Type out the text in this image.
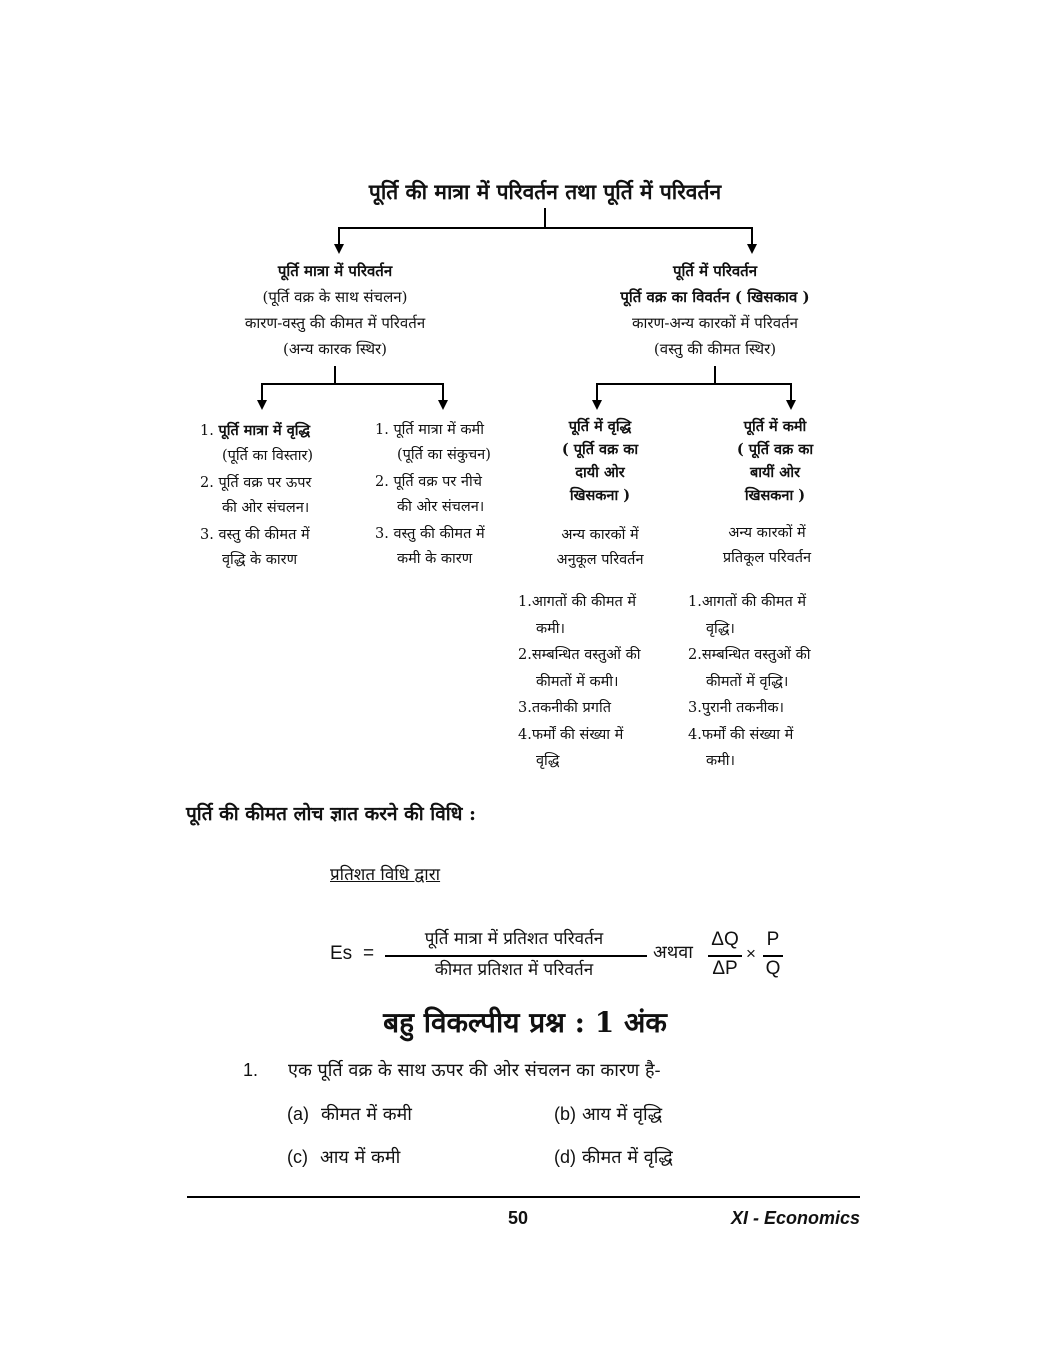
पूर्ति की मात्रा में परिवर्तन तथा पूर्ति में परिवर्तन
पूर्ति मात्रा में परिवर्तन
(पूर्ति वक्र के साथ संचलन)
कारण-वस्तु की कीमत में परिवर्तन
(अन्य कारक स्थिर)
पूर्ति में परिवर्तन
पूर्ति वक्र का विवर्तन ( खिसकाव )
कारण-अन्य कारकों में परिवर्तन
(वस्तु की कीमत स्थिर)
1. पूर्ति मात्रा में वृद्धि
(पूर्ति का विस्तार)
2. पूर्ति वक्र पर ऊपर
की ओर संचलन।
3. वस्तु की कीमत में
वृद्धि के कारण
1. पूर्ति मात्रा में कमी
(पूर्ति का संकुचन)
2. पूर्ति वक्र पर नीचे
की ओर संचलन।
3. वस्तु की कीमत में
कमी के कारण
पूर्ति में वृद्धि
( पूर्ति वक्र का
दायी ओर
खिसकना )
अन्य कारकों में
अनुकूल परिवर्तन
1.आगतों की कीमत में
कमी।
2.सम्बन्धित वस्तुओं की
कीमतों में कमी।
3.तकनीकी प्रगति
4.फर्मों की संख्या में
वृद्धि
पूर्ति में कमी
( पूर्ति वक्र का
बायीं ओर
खिसकना )
अन्य कारकों में
प्रतिकूल परिवर्तन
1.आगतों की कीमत में
वृद्धि।
2.सम्बन्धित वस्तुओं की
कीमतों में वृद्धि।
3.पुरानी तकनीक।
4.फर्मों की संख्या में
कमी।
पूर्ति की कीमत लोच ज्ञात करने की विधि :
प्रतिशत विधि द्वारा
Es =
पूर्ति मात्रा में प्रतिशत परिवर्तन
कीमत प्रतिशत में परिवर्तन
अथवा
ΔQ
ΔP
×
P
Q
बहु विकल्पीय प्रश्न : 1 अंक
1. एक पूर्ति वक्र के साथ ऊपर की ओर संचलन का कारण है-
(a) कीमत में कमी	(b) आय में वृद्धि
(c) आय में कमी	(d) कीमत में वृद्धि
50	XI - Economics
